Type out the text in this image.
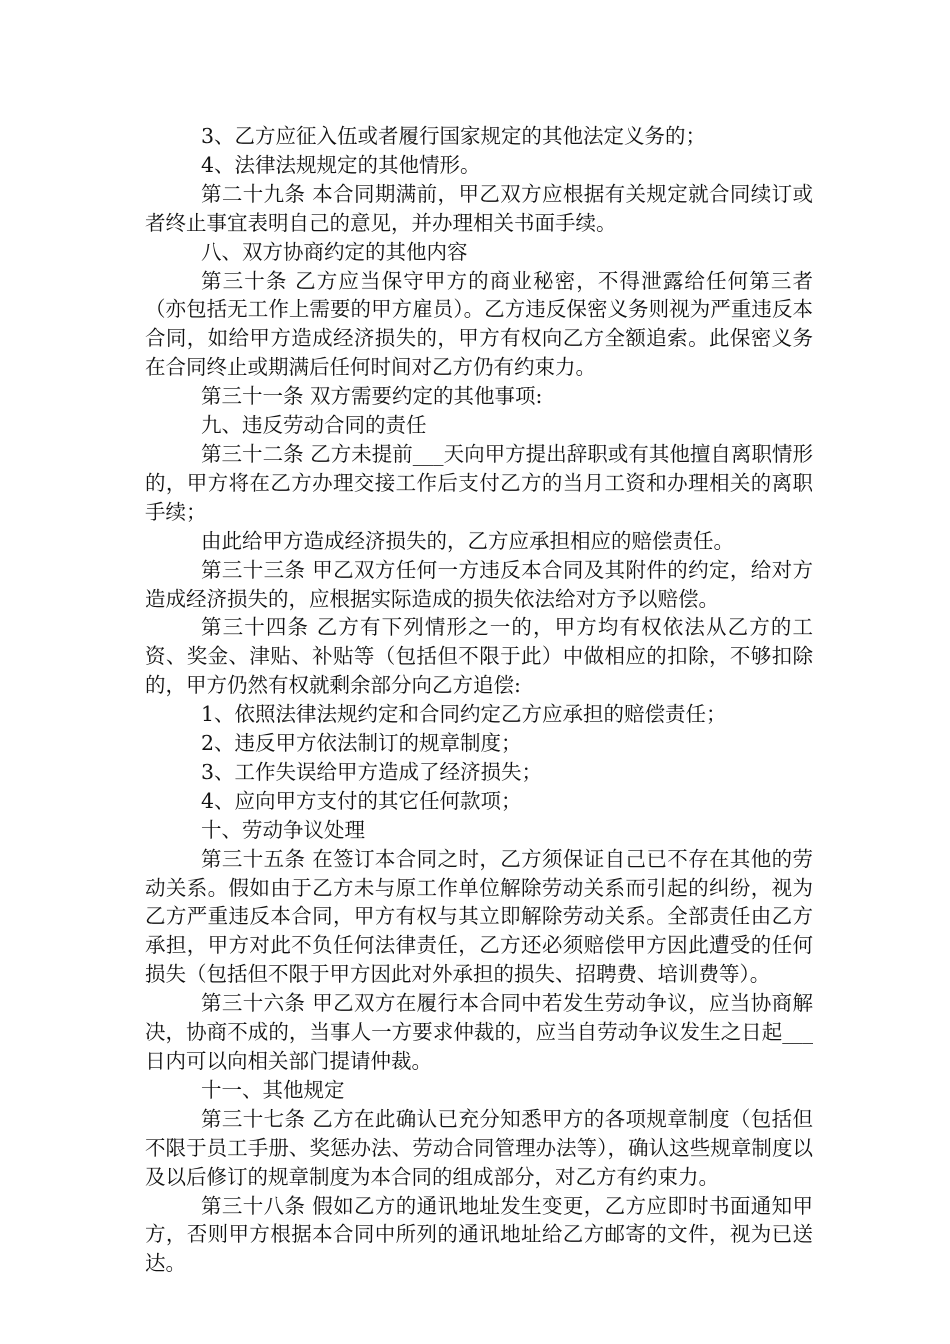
3、乙方应征入伍或者履行国家规定的其他法定义务的；

4、法律法规规定的其他情形。

第二十九条 本合同期满前，甲乙双方应根据有关规定就合同续订或者终止事宜表明自己的意见，并办理相关书面手续。

八、双方协商约定的其他内容

第三十条 乙方应当保守甲方的商业秘密，不得泄露给任何第三者（亦包括无工作上需要的甲方雇员）。乙方违反保密义务则视为严重违反本合同，如给甲方造成经济损失的，甲方有权向乙方全额追索。此保密义务在合同终止或期满后任何时间对乙方仍有约束力。

第三十一条 双方需要约定的其他事项:

九、违反劳动合同的责任

第三十二条 乙方未提前___天向甲方提出辞职或有其他擅自离职情形的，甲方将在乙方办理交接工作后支付乙方的当月工资和办理相关的离职手续；

由此给甲方造成经济损失的，乙方应承担相应的赔偿责任。

第三十三条 甲乙双方任何一方违反本合同及其附件的约定，给对方造成经济损失的，应根据实际造成的损失依法给对方予以赔偿。

第三十四条 乙方有下列情形之一的，甲方均有权依法从乙方的工资、奖金、津贴、补贴等（包括但不限于此）中做相应的扣除，不够扣除的，甲方仍然有权就剩余部分向乙方追偿:

1、依照法律法规约定和合同约定乙方应承担的赔偿责任；

2、违反甲方依法制订的规章制度；

3、工作失误给甲方造成了经济损失；

4、应向甲方支付的其它任何款项；

十、劳动争议处理

第三十五条 在签订本合同之时，乙方须保证自己已不存在其他的劳动关系。假如由于乙方未与原工作单位解除劳动关系而引起的纠纷，视为乙方严重违反本合同，甲方有权与其立即解除劳动关系。全部责任由乙方承担，甲方对此不负任何法律责任，乙方还必须赔偿甲方因此遭受的任何损失（包括但不限于甲方因此对外承担的损失、招聘费、培训费等）。

第三十六条 甲乙双方在履行本合同中若发生劳动争议，应当协商解决，协商不成的，当事人一方要求仲裁的，应当自劳动争议发生之日起___日内可以向相关部门提请仲裁。

十一、其他规定

第三十七条 乙方在此确认已充分知悉甲方的各项规章制度（包括但不限于员工手册、奖惩办法、劳动合同管理办法等），确认这些规章制度以及以后修订的规章制度为本合同的组成部分，对乙方有约束力。

第三十八条 假如乙方的通讯地址发生变更，乙方应即时书面通知甲方，否则甲方根据本合同中所列的通讯地址给乙方邮寄的文件，视为已送达。
